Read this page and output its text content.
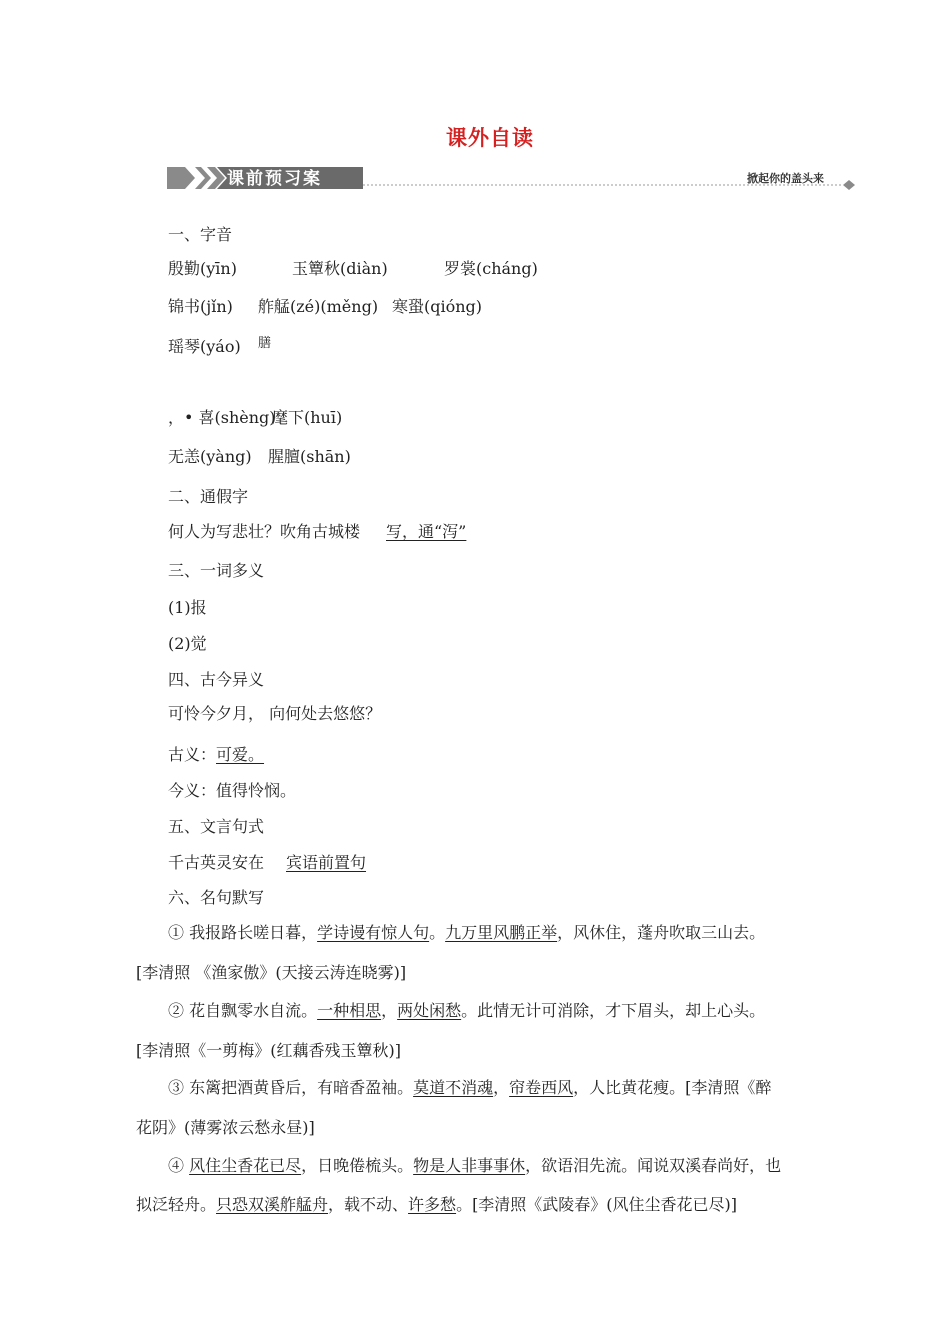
课外自读
课前预习案	掀起你的盖头来
一、字音
殷勤(yīn)	玉簟秋(diàn)	罗裳(cháng)
锦书(jǐn) 舴艋(zé)(měng) 寒蛩(qióng)
瑶琴(yáo) 膳
，• 喜(shèng)
麾下(huī)
无恙(yàng) 腥膻(shān)
二、通假字
何人为写悲壮？吹角古城楼 写，通“泻”
三、一词多义
(1)报
(2)觉
四、古今异义
可怜今夕月， 向何处去悠悠？
古义：可爱。
今义：值得怜悯。
五、文言句式
千古英灵安在 宾语前置句
六、名句默写
① 我报路长嗟日暮，学诗谩有惊人句。九万里风鹏正举，风休住，蓬舟吹取三山去。
[李清照 《渔家傲》(天接云涛连晓雾)]
② 花自飘零水自流。一种相思，两处闲愁。此情无计可消除，才下眉头，却上心头。
[李清照《一剪梅》(红藕香残玉簟秋)]
③ 东篱把酒黄昏后，有暗香盈袖。莫道不消魂，帘卷西风，人比黄花瘦。[李清照《醉
花阴》(薄雾浓云愁永昼)]
④ 风住尘香花已尽，日晚倦梳头。物是人非事事休，欲语泪先流。闻说双溪春尚好，也
拟泛轻舟。只恐双溪舴艋舟，载不动、许多愁。[李清照《武陵春》(风住尘香花已尽)]
